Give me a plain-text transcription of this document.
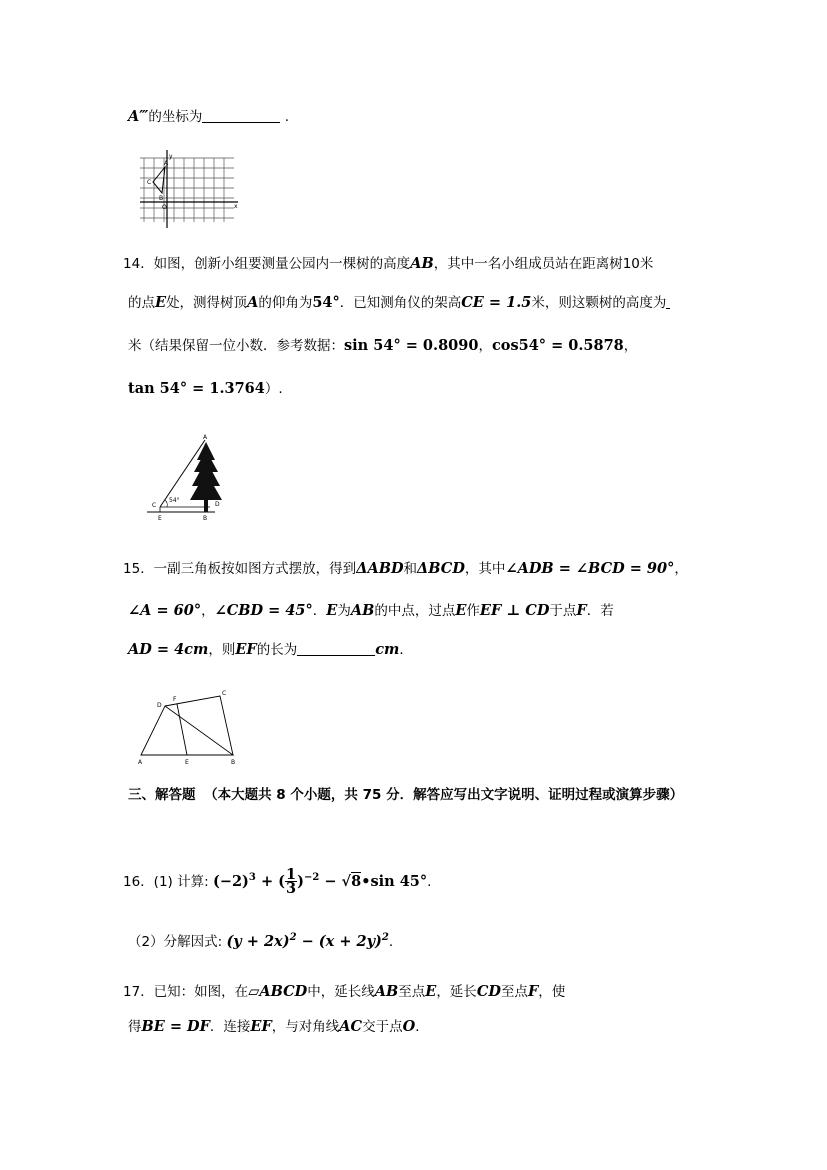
A‴的坐标为	.
y
C
A
B
O	x
14．如图，创新小组要测量公园内一棵树的高度AB，其中一名小组成员站在距离树10米
的点E处，测得树顶A的仰角为54°．已知测角仪的架高CE = 1.5米，则这颗树的高度为
米（结果保留一位小数．参考数据：sin 54° = 0.8090，cos54° = 0.5878，
tan 54° = 1.3764）.
A
C
54°
D
E	B
15．一副三角板按如图方式摆放，得到ΔABD和ΔBCD，其中∠ADB = ∠BCD = 90°，
∠A = 60°，∠CBD = 45°．E为AB的中点，过点E作EF ⊥ CD于点F．若
AD = 4cm，则EF的长为	cm．
D
F
C
A	E	B
三、解答题 （本大题共 8 个小题，共 75 分．解答应写出文字说明、证明过程或演算步骤）
16．(1) 计算: $(-2)^3$ + ( $\frac{1}{3} )^{-2}$ − √8•sin 45°.
（2）分解因式: $(y + 2x)^2 - (x + 2y)^2$.
17．已知：如图，在▱ABCD中，延长线AB至点E，延长CD至点F，使
得BE = DF．连接EF，与对角线AC交于点O．
